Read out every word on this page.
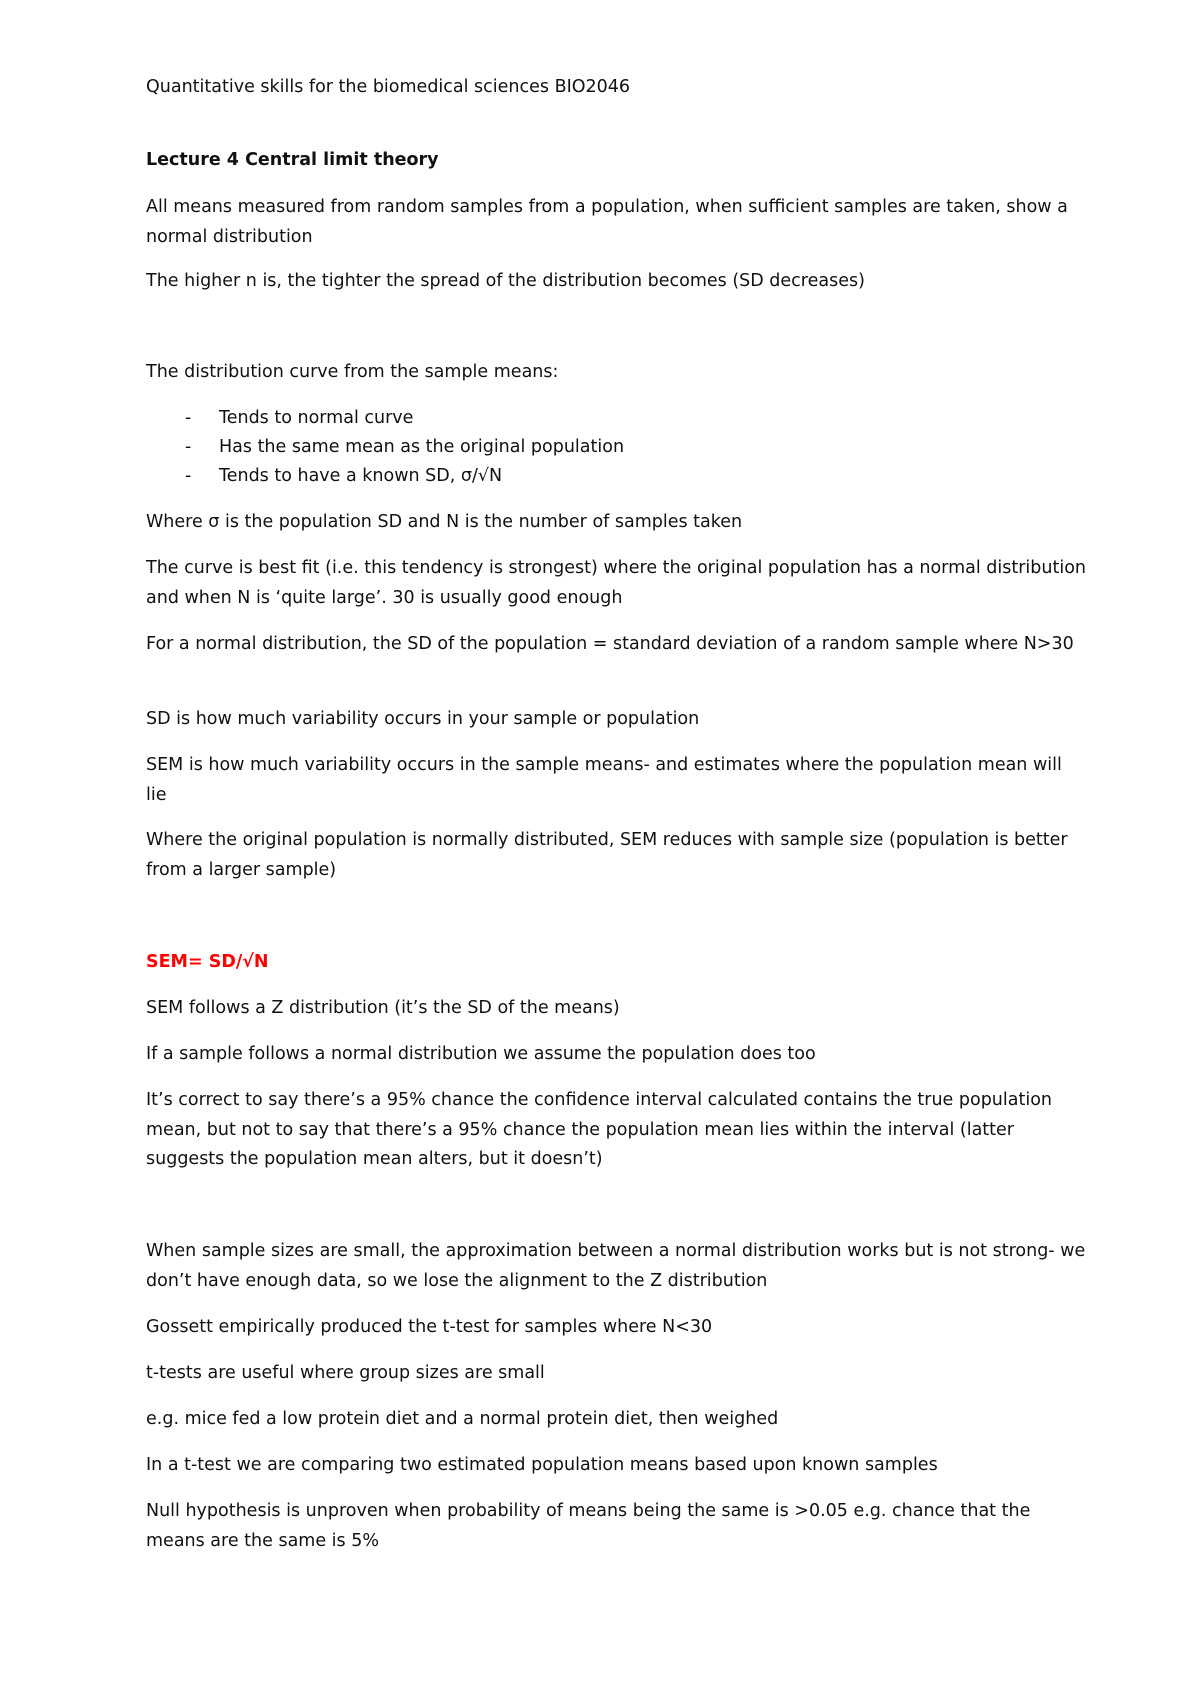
Quantitative skills for the biomedical sciences BIO2046
Lecture 4 Central limit theory
All means measured from random samples from a population, when sufficient samples are taken, show a normal distribution
The higher n is, the tighter the spread of the distribution becomes (SD decreases)
The distribution curve from the sample means:
- Tends to normal curve
- Has the same mean as the original population
- Tends to have a known SD, σ/√N
Where σ is the population SD and N is the number of samples taken
The curve is best fit (i.e. this tendency is strongest) where the original population has a normal distribution and when N is ‘quite large’. 30 is usually good enough
For a normal distribution, the SD of the population = standard deviation of a random sample where N>30
SD is how much variability occurs in your sample or population
SEM is how much variability occurs in the sample means- and estimates where the population mean will lie
Where the original population is normally distributed, SEM reduces with sample size (population is better from a larger sample)
SEM= SD/√N
SEM follows a Z distribution (it’s the SD of the means)
If a sample follows a normal distribution we assume the population does too
It’s correct to say there’s a 95% chance the confidence interval calculated contains the true population mean, but not to say that there’s a 95% chance the population mean lies within the interval (latter suggests the population mean alters, but it doesn’t)
When sample sizes are small, the approximation between a normal distribution works but is not strong- we don’t have enough data, so we lose the alignment to the Z distribution
Gossett empirically produced the t-test for samples where N<30
t-tests are useful where group sizes are small
e.g. mice fed a low protein diet and a normal protein diet, then weighed
In a t-test we are comparing two estimated population means based upon known samples
Null hypothesis is unproven when probability of means being the same is >0.05 e.g. chance that the means are the same is 5%
